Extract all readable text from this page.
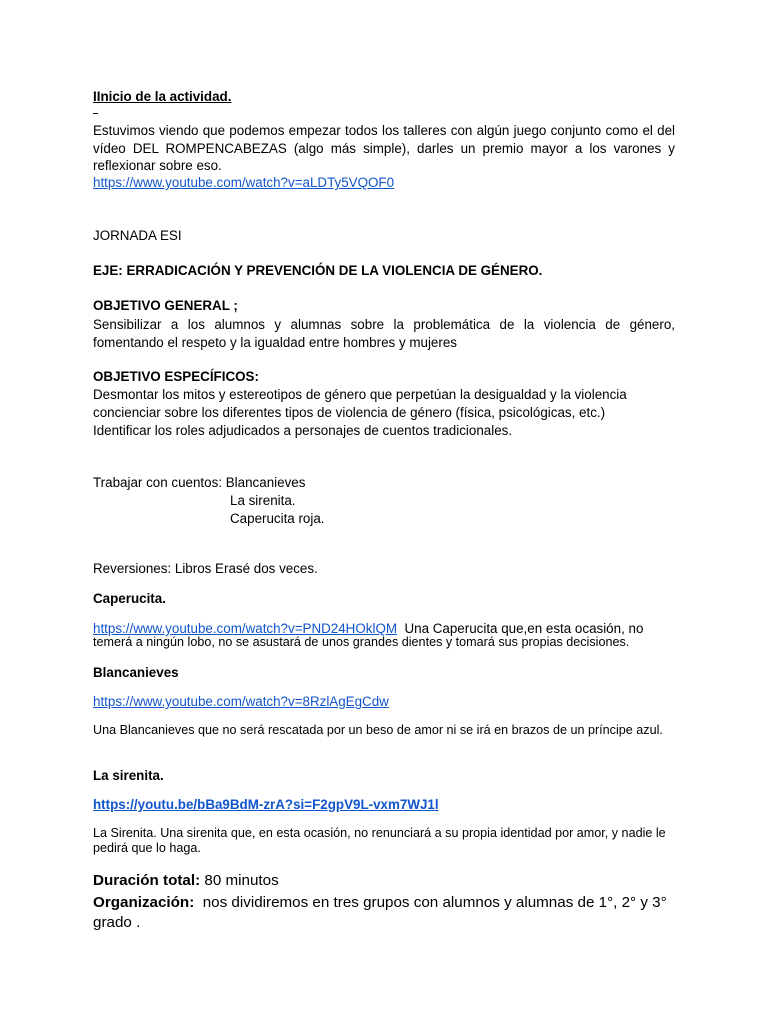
IInicio de la actividad.

Estuvimos viendo que podemos empezar todos los talleres con algún juego conjunto como el del vídeo DEL ROMPENCABEZAS (algo más simple), darles un premio mayor a los varones y reflexionar sobre eso.

https://www.youtube.com/watch?v=aLDTy5VQOF0

JORNADA ESI

EJE: ERRADICACIÓN Y PREVENCIÓN DE LA VIOLENCIA DE GÉNERO.

OBJETIVO GENERAL ;

Sensibilizar a los alumnos y alumnas sobre la problemática de la violencia de género, fomentando el respeto y la igualdad entre hombres y mujeres

OBJETIVO ESPECÍFICOS:

Desmontar los mitos y estereotipos de género que perpetúan la desigualdad y la violencia

concienciar sobre los diferentes tipos de violencia de género (física, psicológicas, etc.)

Identificar los roles adjudicados a personajes de cuentos tradicionales.

Trabajar con cuentos: Blancanieves

La sirenita.

Caperucita roja.

Reversiones: Libros Erasé dos veces.

Caperucita.

https://www.youtube.com/watch?v=PND24HOklQM  Una Caperucita que,en esta ocasión, no

temerá a ningún lobo, no se asustará de unos grandes dientes y tomará sus propias decisiones.

Blancanieves

https://www.youtube.com/watch?v=8RzlAgEgCdw

Una Blancanieves que no será rescatada por un beso de amor ni se irá en brazos de un príncipe azul.

La sirenita.

https://youtu.be/bBa9BdM-zrA?si=F2gpV9L-vxm7WJ1l

La Sirenita. Una sirenita que, en esta ocasión, no renunciará a su propia identidad por amor, y nadie le pedirá que lo haga.

Duración total: 80 minutos

Organización:  nos dividiremos en tres grupos con alumnos y alumnas de 1°, 2° y 3° grado .
